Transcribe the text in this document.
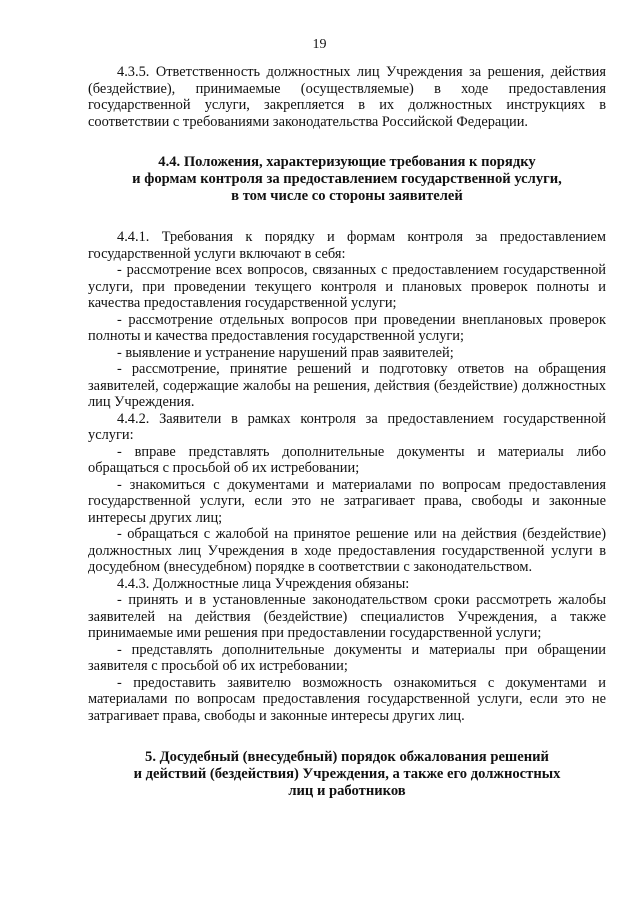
19

4.3.5. Ответственность должностных лиц Учреждения за решения, действия (бездействие), принимаемые (осуществляемые) в ходе предоставления государственной услуги, закрепляется в их должностных инструкциях в соответствии с требованиями законодательства Российской Федерации.

4.4. Положения, характеризующие требования к порядку
и формам контроля за предоставлением государственной услуги,
в том числе со стороны заявителей

4.4.1. Требования к порядку и формам контроля за предоставлением государственной услуги включают в себя:

- рассмотрение всех вопросов, связанных с предоставлением государственной услуги, при проведении текущего контроля и плановых проверок полноты и качества предоставления государственной услуги;

- рассмотрение отдельных вопросов при проведении внеплановых проверок полноты и качества предоставления государственной услуги;

- выявление и устранение нарушений прав заявителей;

- рассмотрение, принятие решений и подготовку ответов на обращения заявителей, содержащие жалобы на решения, действия (бездействие) должностных лиц Учреждения.

4.4.2. Заявители в рамках контроля за предоставлением государственной услуги:

- вправе представлять дополнительные документы и материалы либо обращаться с просьбой об их истребовании;

- знакомиться с документами и материалами по вопросам предоставления государственной услуги, если это не затрагивает права, свободы и законные интересы других лиц;

- обращаться с жалобой на принятое решение или на действия (бездействие) должностных лиц Учреждения в ходе предоставления государственной услуги в досудебном (внесудебном) порядке в соответствии с законодательством.

4.4.3. Должностные лица Учреждения обязаны:

- принять и в установленные законодательством сроки рассмотреть жалобы заявителей на действия (бездействие) специалистов Учреждения, а также принимаемые ими решения при предоставлении государственной услуги;

- представлять дополнительные документы и материалы при обращении заявителя с просьбой об их истребовании;

- предоставить заявителю возможность ознакомиться с документами и материалами по вопросам предоставления государственной услуги, если это не затрагивает права, свободы и законные интересы других лиц.

5. Досудебный (внесудебный) порядок обжалования решений
и действий (бездействия) Учреждения, а также его должностных
лиц и работников
